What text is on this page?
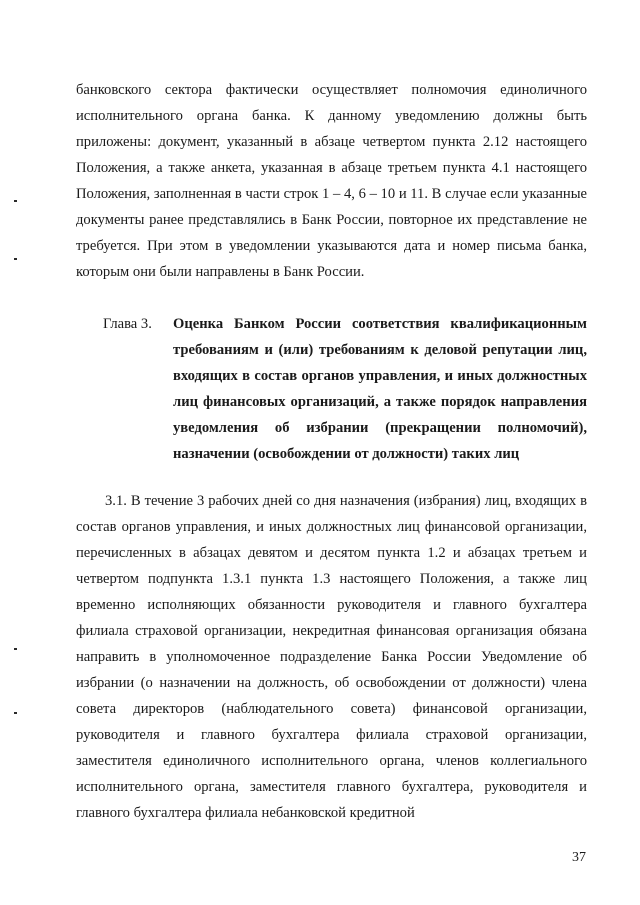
банковского сектора фактически осуществляет полномочия единоличного исполнительного органа банка. К данному уведомлению должны быть приложены: документ, указанный в абзаце четвертом пункта 2.12 настоящего Положения, а также анкета, указанная в абзаце третьем пункта 4.1 настоящего Положения, заполненная в части строк 1 – 4, 6 – 10 и 11. В случае если указанные документы ранее представлялись в Банк России, повторное их представление не требуется. При этом в уведомлении указываются дата и номер письма банка, которым они были направлены в Банк России.

Глава 3. Оценка Банком России соответствия квалификационным требованиям и (или) требованиям к деловой репутации лиц, входящих в состав органов управления, и иных должностных лиц финансовых организаций, а также порядок направления уведомления об избрании (прекращении полномочий), назначении (освобождении от должности) таких лиц

3.1. В течение 3 рабочих дней со дня назначения (избрания) лиц, входящих в состав органов управления, и иных должностных лиц финансовой организации, перечисленных в абзацах девятом и десятом пункта 1.2 и абзацах третьем и четвертом подпункта 1.3.1 пункта 1.3 настоящего Положения, а также лиц временно исполняющих обязанности руководителя и главного бухгалтера филиала страховой организации, некредитная финансовая организация обязана направить в уполномоченное подразделение Банка России Уведомление об избрании (о назначении на должность, об освобождении от должности) члена совета директоров (наблюдательного совета) финансовой организации, руководителя и главного бухгалтера филиала страховой организации, заместителя единоличного исполнительного органа, членов коллегиального исполнительного органа, заместителя главного бухгалтера, руководителя и главного бухгалтера филиала небанковской кредитной

37
